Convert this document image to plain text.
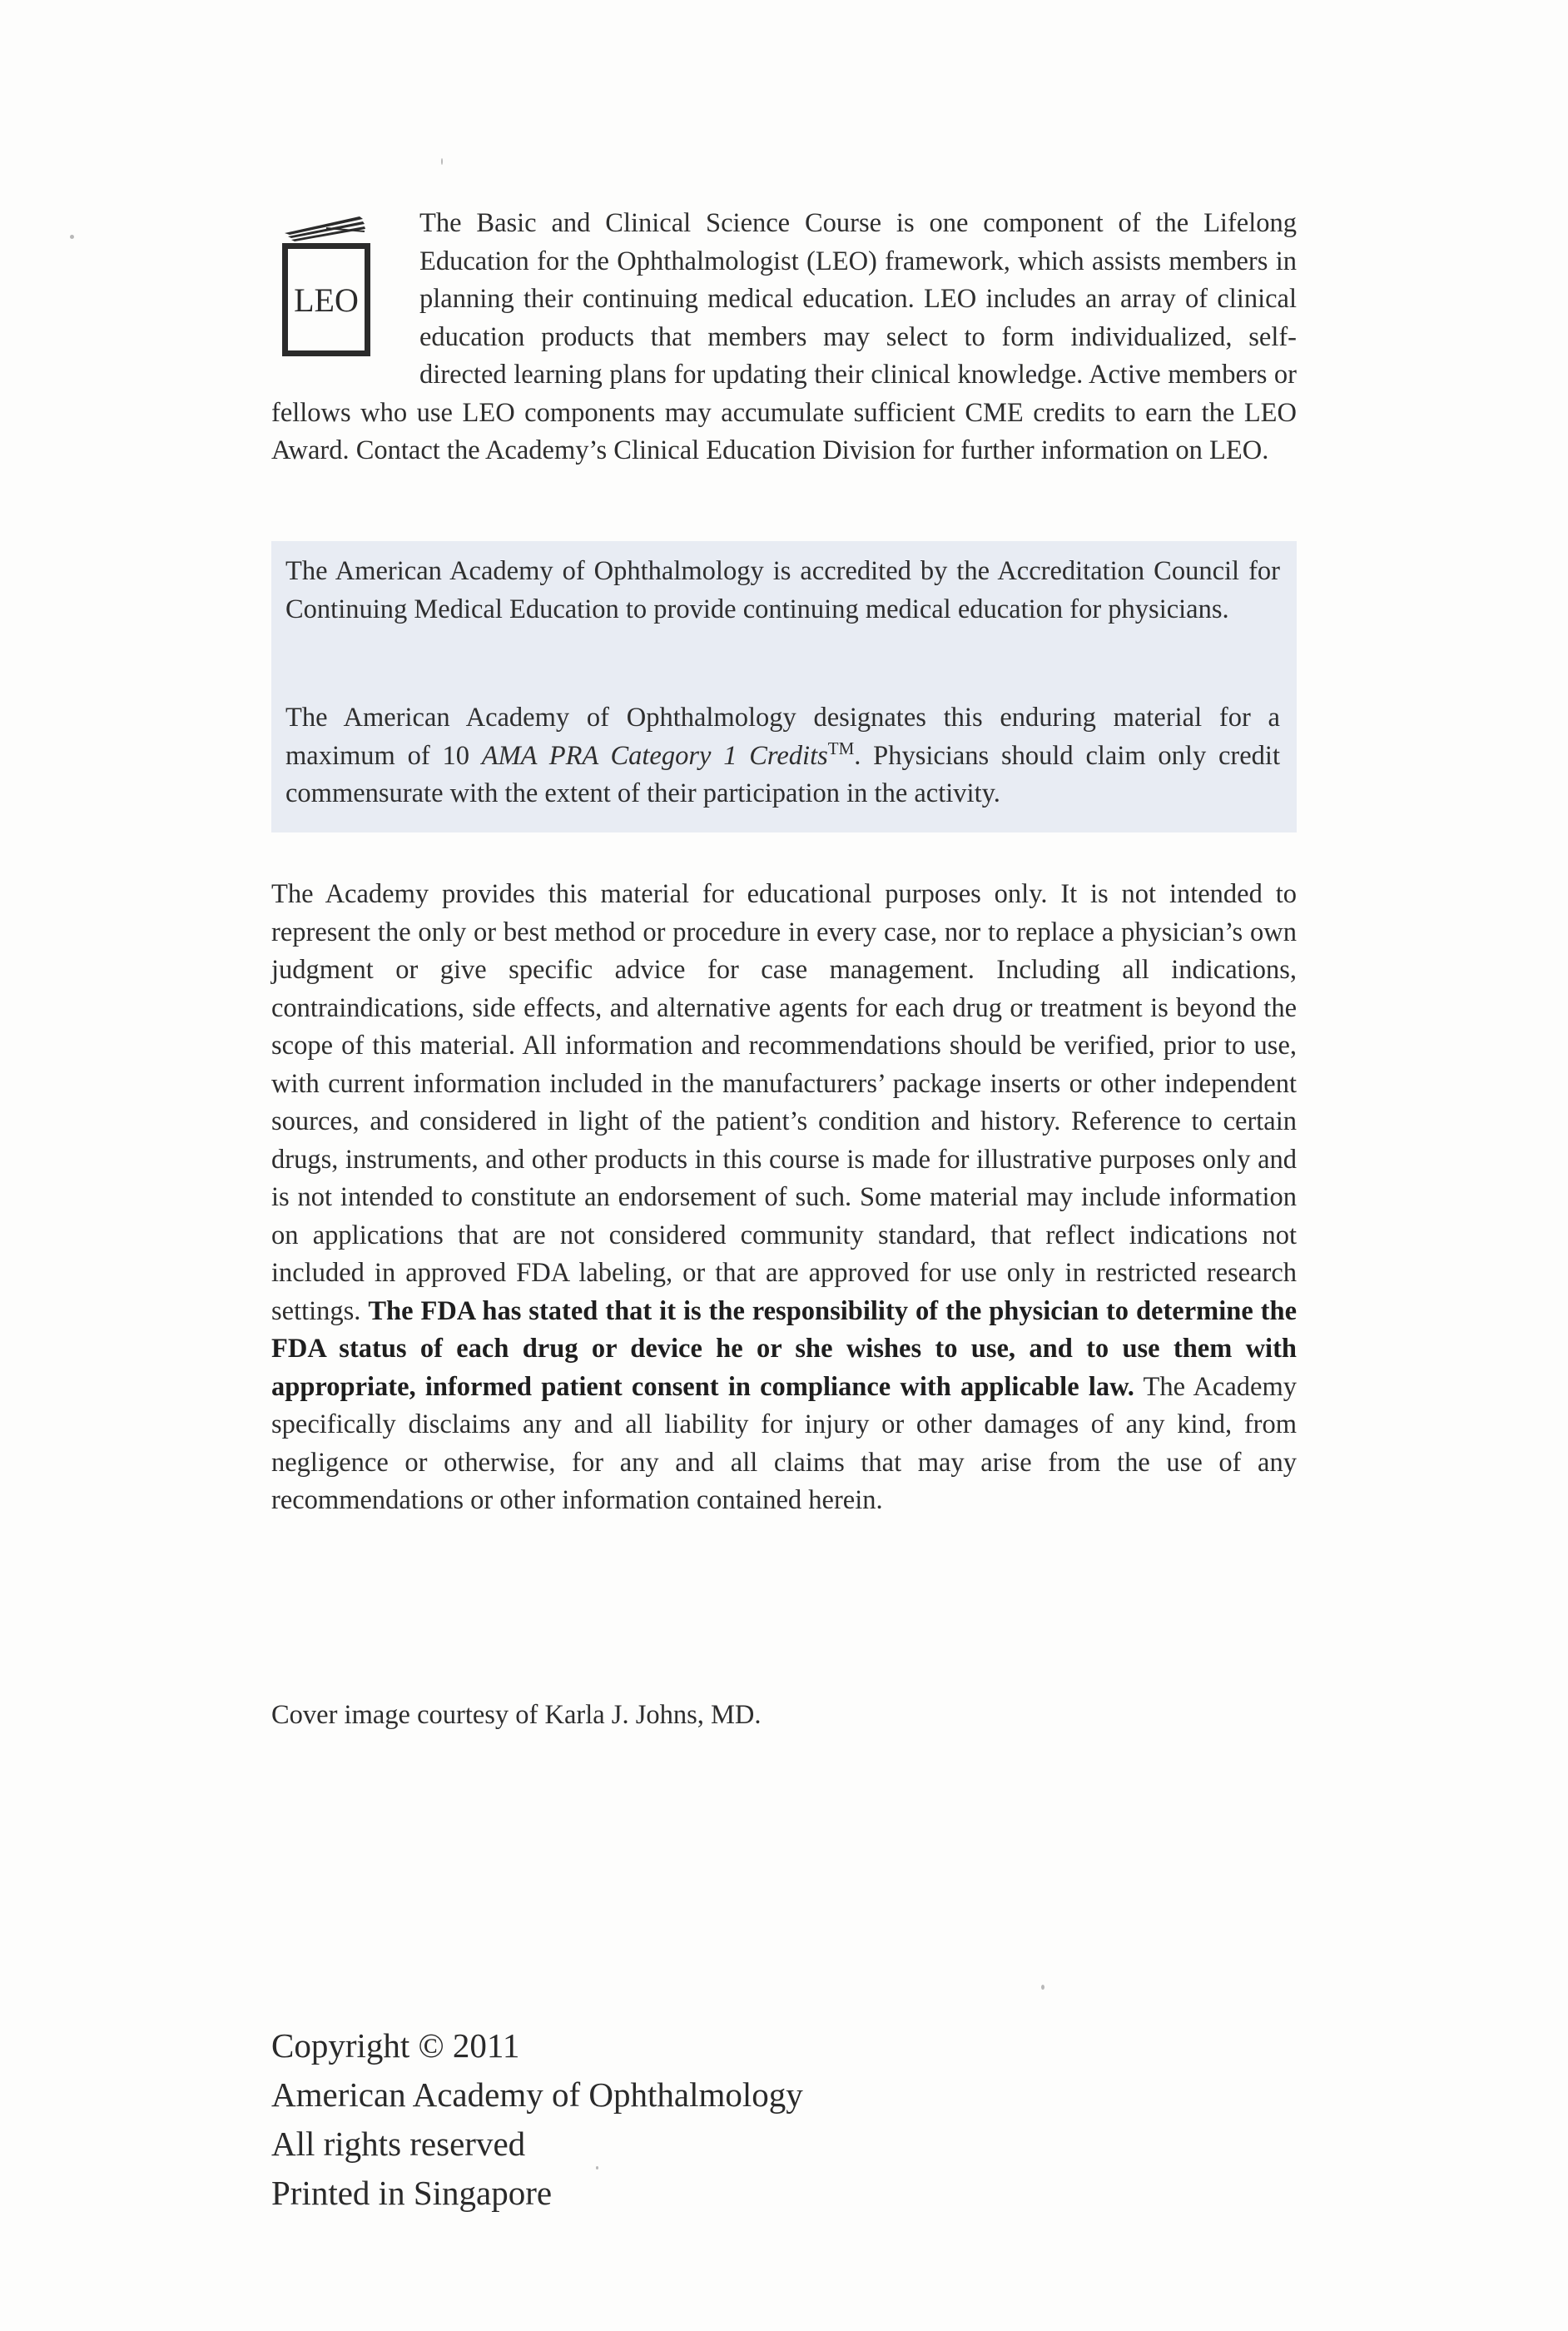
LEO

The Basic and Clinical Science Course is one component of the Lifelong Education for the Ophthalmologist (LEO) framework, which assists members in planning their continuing medical education. LEO includes an array of clinical education products that members may select to form individualized, self-directed learning plans for updating their clinical knowledge. Active members or fellows who use LEO components may accumulate sufficient CME credits to earn the LEO Award. Contact the Academy’s Clinical Education Division for further information on LEO.

The American Academy of Ophthalmology is accredited by the Accreditation Council for Continuing Medical Education to provide continuing medical education for physicians.

The American Academy of Ophthalmology designates this enduring material for a maximum of 10 AMA PRA Category 1 Credits™. Physicians should claim only credit commensurate with the extent of their participation in the activity.

The Academy provides this material for educational purposes only. It is not intended to represent the only or best method or procedure in every case, nor to replace a physician’s own judgment or give specific advice for case management. Including all indications, contraindications, side effects, and alternative agents for each drug or treatment is beyond the scope of this material. All information and recommendations should be verified, prior to use, with current information included in the manufacturers’ package inserts or other independent sources, and considered in light of the patient’s condition and history. Reference to certain drugs, instruments, and other products in this course is made for illustrative purposes only and is not intended to constitute an endorsement of such. Some material may include information on applications that are not considered community standard, that reflect indications not included in approved FDA labeling, or that are approved for use only in restricted research settings. The FDA has stated that it is the responsibility of the physician to determine the FDA status of each drug or device he or she wishes to use, and to use them with appropriate, informed patient consent in compliance with applicable law. The Academy specifically disclaims any and all liability for injury or other damages of any kind, from negligence or otherwise, for any and all claims that may arise from the use of any recommendations or other information contained herein.

Cover image courtesy of Karla J. Johns, MD.

Copyright © 2011
American Academy of Ophthalmology
All rights reserved
Printed in Singapore
